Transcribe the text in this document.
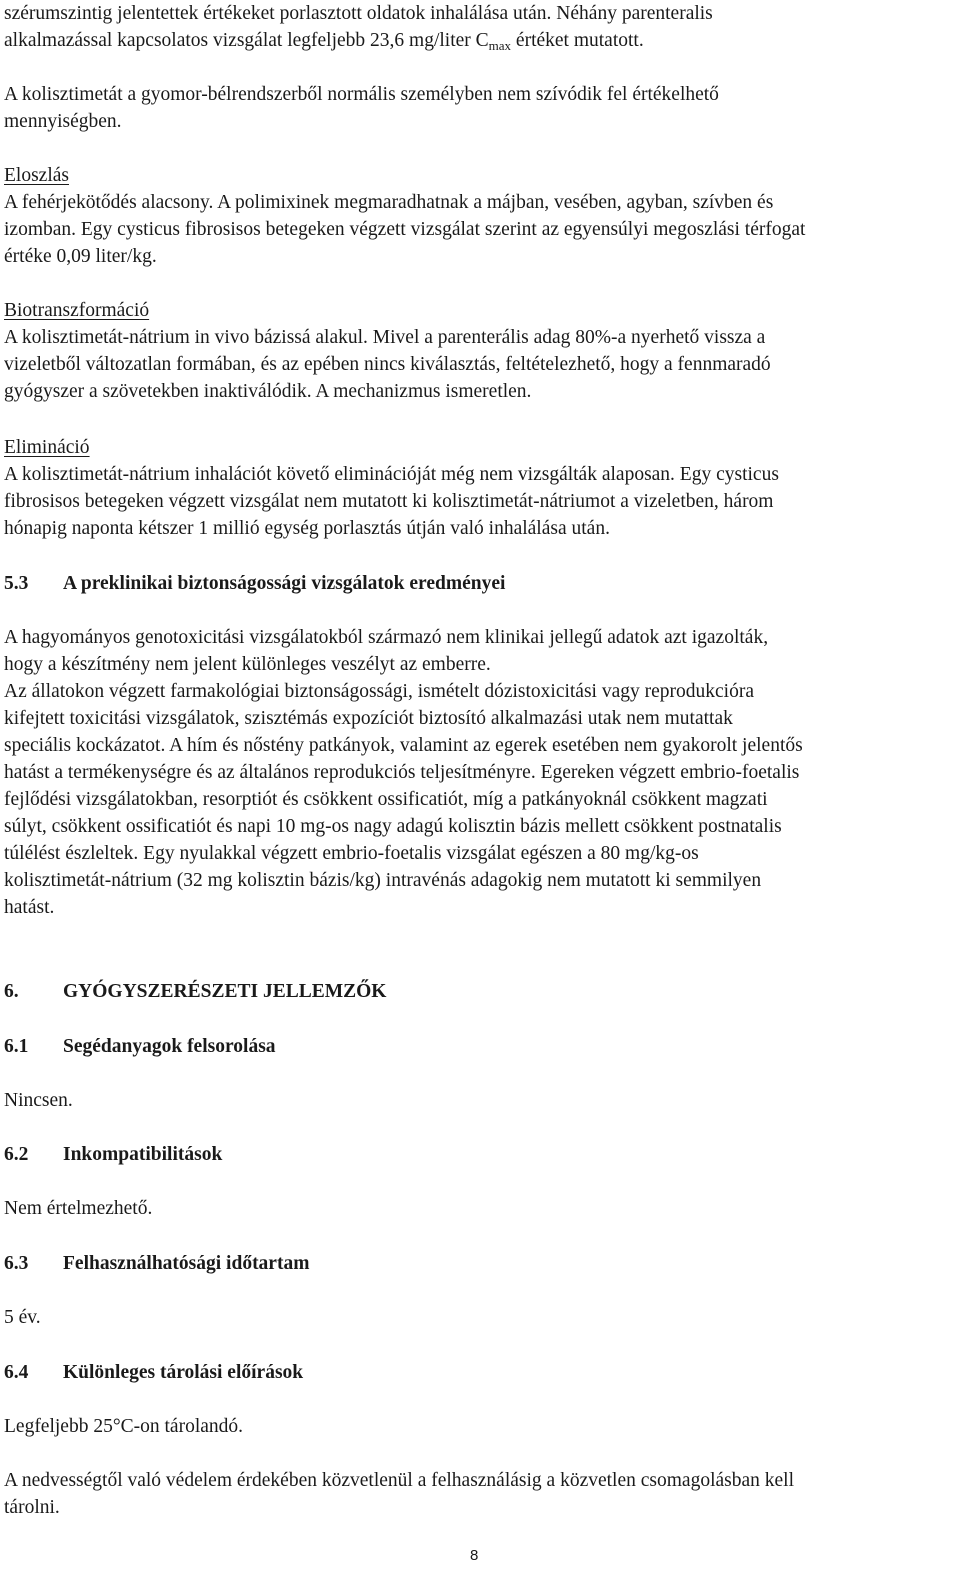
szérumszintig jelentettek értékeket porlasztott oldatok inhalálása után. Néhány parenteralis
alkalmazással kapcsolatos vizsgálat legfeljebb 23,6 mg/liter $C_{max}$ értéket mutatott.
A kolisztimetát a gyomor-bélrendszerből normális személyben nem szívódik fel értékelhető
mennyiségben.
Eloszlás
A fehérjekötődés alacsony. A polimixinek megmaradhatnak a májban, vesében, agyban, szívben és
izomban. Egy cysticus fibrosisos betegeken végzett vizsgálat szerint az egyensúlyi megoszlási térfogat
értéke 0,09 liter/kg.
Biotranszformáció
A kolisztimetát-nátrium in vivo bázissá alakul. Mivel a parenterális adag 80%-a nyerhető vissza a
vizeletből változatlan formában, és az epében nincs kiválasztás, feltételezhető, hogy a fennmaradó
gyógyszer a szövetekben inaktiválódik. A mechanizmus ismeretlen.
Elimináció
A kolisztimetát-nátrium inhalációt követő eliminációját még nem vizsgálták alaposan. Egy cysticus
fibrosisos betegeken végzett vizsgálat nem mutatott ki kolisztimetát-nátriumot a vizeletben, három
hónapig naponta kétszer 1 millió egység porlasztás útján való inhalálása után.
5.3 A preklinikai biztonságossági vizsgálatok eredményei
A hagyományos genotoxicitási vizsgálatokból származó nem klinikai jellegű adatok azt igazolták,
hogy a készítmény nem jelent különleges veszélyt az emberre.
Az állatokon végzett farmakológiai biztonságossági, ismételt dózistoxicitási vagy reprodukcióra
kifejtett toxicitási vizsgálatok, szisztémás expozíciót biztosító alkalmazási utak nem mutattak
speciális kockázatot. A hím és nőstény patkányok, valamint az egerek esetében nem gyakorolt jelentős
hatást a termékenységre és az általános reprodukciós teljesítményre. Egereken végzett embrio-foetalis
fejlődési vizsgálatokban, resorptiót és csökkent ossificatiót, míg a patkányoknál csökkent magzati
súlyt, csökkent ossificatiót és napi 10 mg-os nagy adagú kolisztin bázis mellett csökkent postnatalis
túlélést észleltek. Egy nyulakkal végzett embrio-foetalis vizsgálat egészen a 80 mg/kg-os
kolisztimetát-nátrium (32 mg kolisztin bázis/kg) intravénás adagokig nem mutatott ki semmilyen
hatást.
6. GYÓGYSZERÉSZETI JELLEMZŐK
6.1 Segédanyagok felsorolása
Nincsen.
6.2 Inkompatibilitások
Nem értelmezhető.
6.3 Felhasználhatósági időtartam
5 év.
6.4 Különleges tárolási előírások
Legfeljebb 25°C-on tárolandó.
A nedvességtől való védelem érdekében közvetlenül a felhasználásig a közvetlen csomagolásban kell
tárolni.
8
